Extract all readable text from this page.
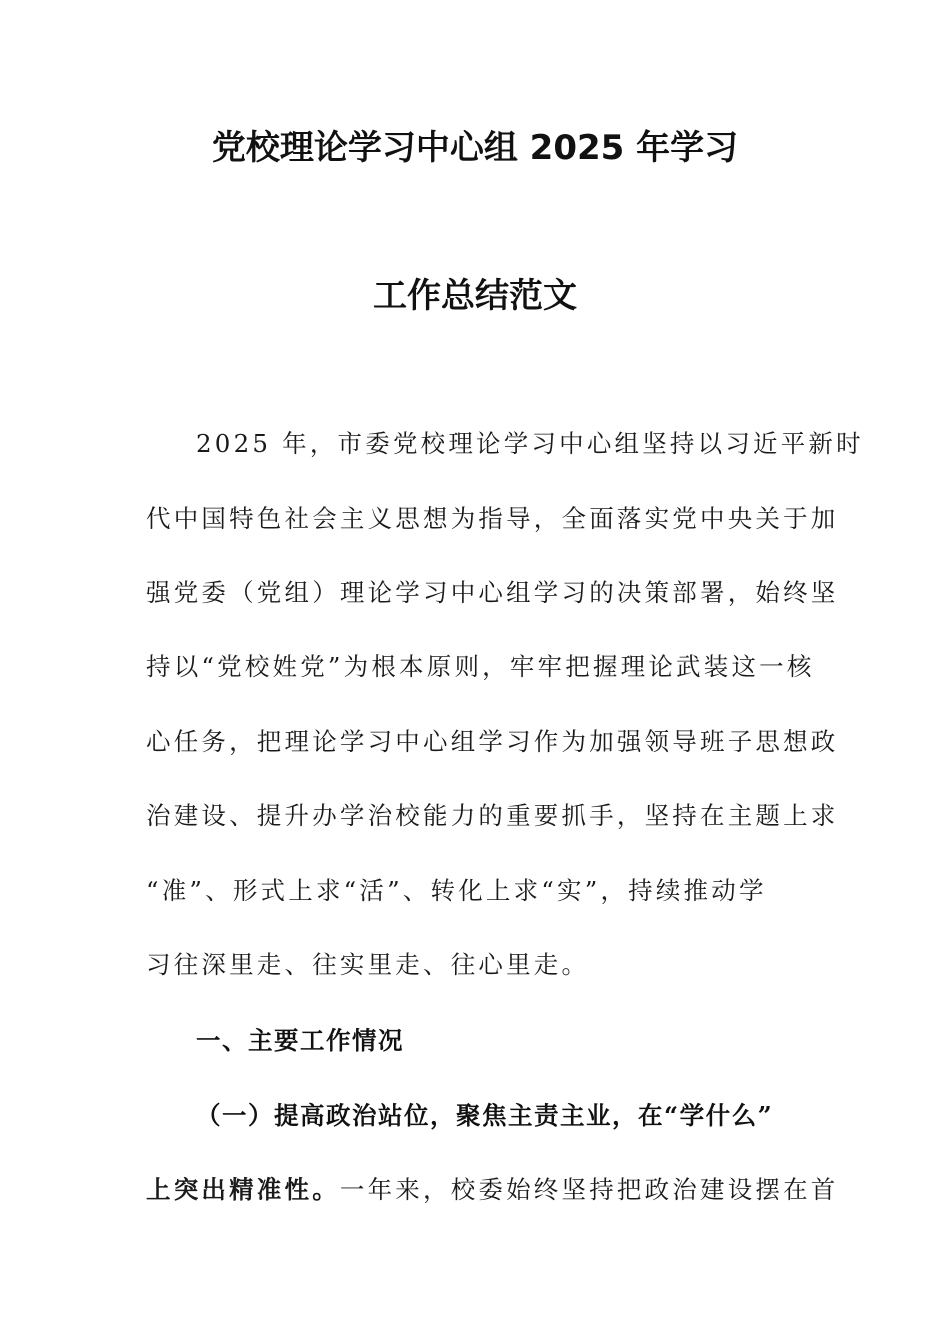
党校理论学习中心组 2025 年学习
工作总结范文
2025 年，市委党校理论学习中心组坚持以习近平新时
代中国特色社会主义思想为指导，全面落实党中央关于加
强党委（党组）理论学习中心组学习的决策部署，始终坚
持以“党校姓党”为根本原则，牢牢把握理论武装这一核
心任务，把理论学习中心组学习作为加强领导班子思想政
治建设、提升办学治校能力的重要抓手，坚持在主题上求
“准”、形式上求“活”、转化上求“实”，持续推动学
习往深里走、往实里走、往心里走。
一、主要工作情况
（一）提高政治站位，聚焦主责主业，在“学什么”
上突出精准性。一年来，校委始终坚持把政治建设摆在首
